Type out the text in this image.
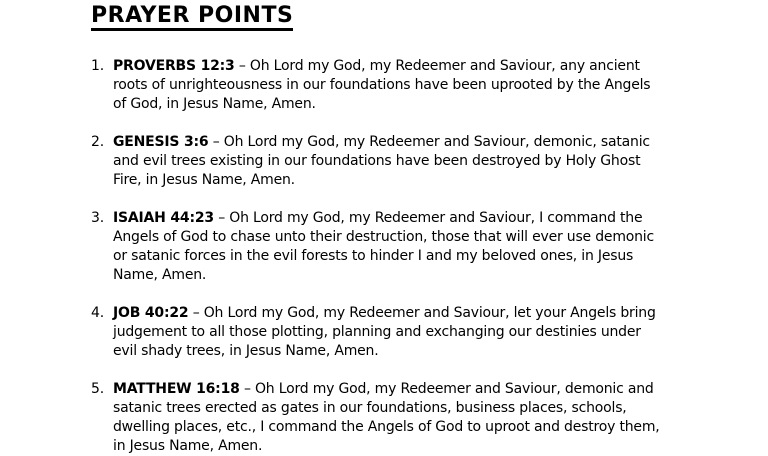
PRAYER POINTS
1. PROVERBS 12:3 – Oh Lord my God, my Redeemer and Saviour, any ancient roots of unrighteousness in our foundations have been uprooted by the Angels of God, in Jesus Name, Amen.
2. GENESIS 3:6 – Oh Lord my God, my Redeemer and Saviour, demonic, satanic and evil trees existing in our foundations have been destroyed by Holy Ghost Fire, in Jesus Name, Amen.
3. ISAIAH 44:23 – Oh Lord my God, my Redeemer and Saviour, I command the Angels of God to chase unto their destruction, those that will ever use demonic or satanic forces in the evil forests to hinder I and my beloved ones, in Jesus Name, Amen.
4. JOB 40:22 – Oh Lord my God, my Redeemer and Saviour, let your Angels bring judgement to all those plotting, planning and exchanging our destinies under evil shady trees, in Jesus Name, Amen.
5. MATTHEW 16:18 – Oh Lord my God, my Redeemer and Saviour, demonic and satanic trees erected as gates in our foundations, business places, schools, dwelling places, etc., I command the Angels of God to uproot and destroy them, in Jesus Name, Amen.
